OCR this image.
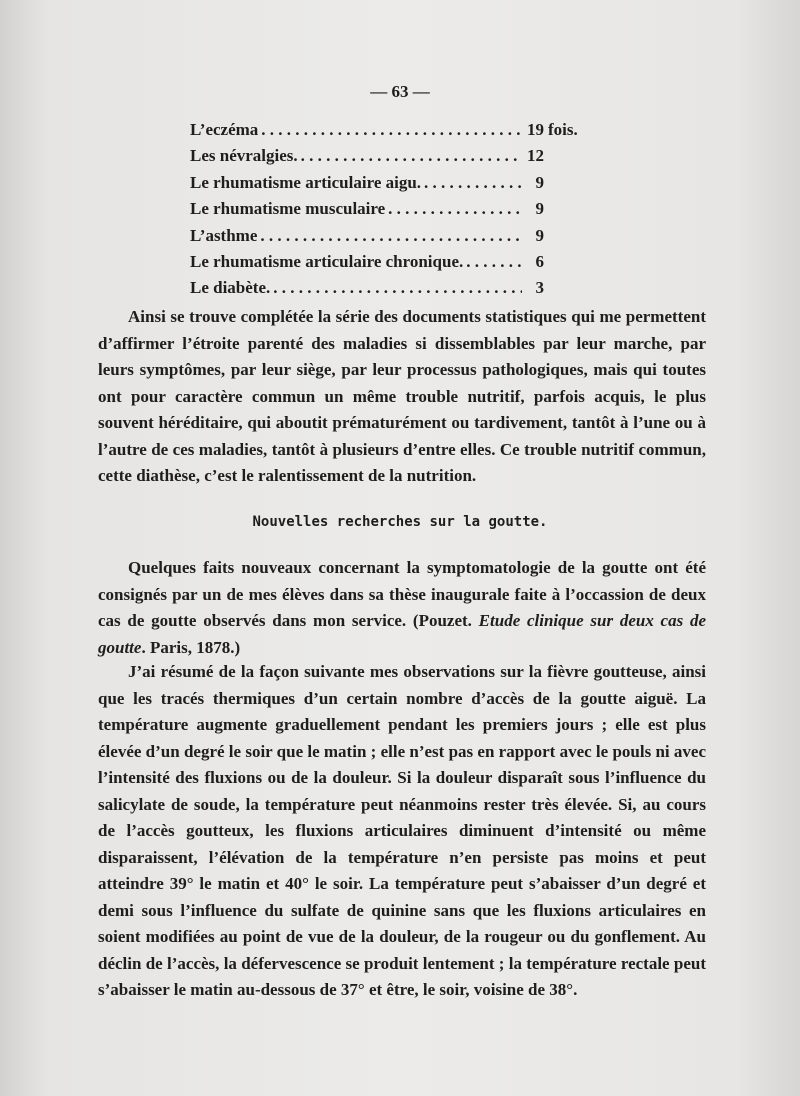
— 63 —
L’eczéma . . .	19 fois.
Les névralgies. . . .	12
Le rhumatisme articulaire aigu. . . .	9
Le rhumatisme musculaire . . .	9
L’asthme . . .	9
Le rhumatisme articulaire chronique. . . .	6
Le diabète. . . .	3

Ainsi se trouve complétée la série des documents statistiques qui me permettent d’affirmer l’étroite parenté des maladies si dissemblables par leur marche, par leurs symptômes, par leur siège, par leur processus pathologiques, mais qui toutes ont pour caractère commun un même trouble nutritif, parfois acquis, le plus souvent héréditaire, qui aboutit prématurément ou tardivement, tantôt à l’une ou à l’autre de ces maladies, tantôt à plusieurs d’entre elles. Ce trouble nutritif commun, cette diathèse, c’est le ralentissement de la nutrition.

Nouvelles recherches sur la goutte.

Quelques faits nouveaux concernant la symptomatologie de la goutte ont été consignés par un de mes élèves dans sa thèse inaugurale faite à l’occassion de deux cas de goutte observés dans mon service. (Pouzet. Etude clinique sur deux cas de goutte. Paris, 1878.)

J’ai résumé de la façon suivante mes observations sur la fièvre goutteuse, ainsi que les tracés thermiques d’un certain nombre d’accès de la goutte aiguë. La température augmente graduellement pendant les premiers jours ; elle est plus élevée d’un degré le soir que le matin ; elle n’est pas en rapport avec le pouls ni avec l’intensité des fluxions ou de la douleur. Si la douleur disparaît sous l’influence du salicylate de soude, la température peut néanmoins rester très élevée. Si, au cours de l’accès goutteux, les fluxions articulaires diminuent d’intensité ou même disparaissent, l’élévation de la température n’en persiste pas moins et peut atteindre 39° le matin et 40° le soir. La température peut s’abaisser d’un degré et demi sous l’influence du sulfate de quinine sans que les fluxions articulaires en soient modifiées au point de vue de la douleur, de la rougeur ou du gonflement. Au déclin de l’accès, la défervescence se produit lentement ; la température rectale peut s’abaisser le matin au-dessous de 37° et être, le soir, voisine de 38°.
